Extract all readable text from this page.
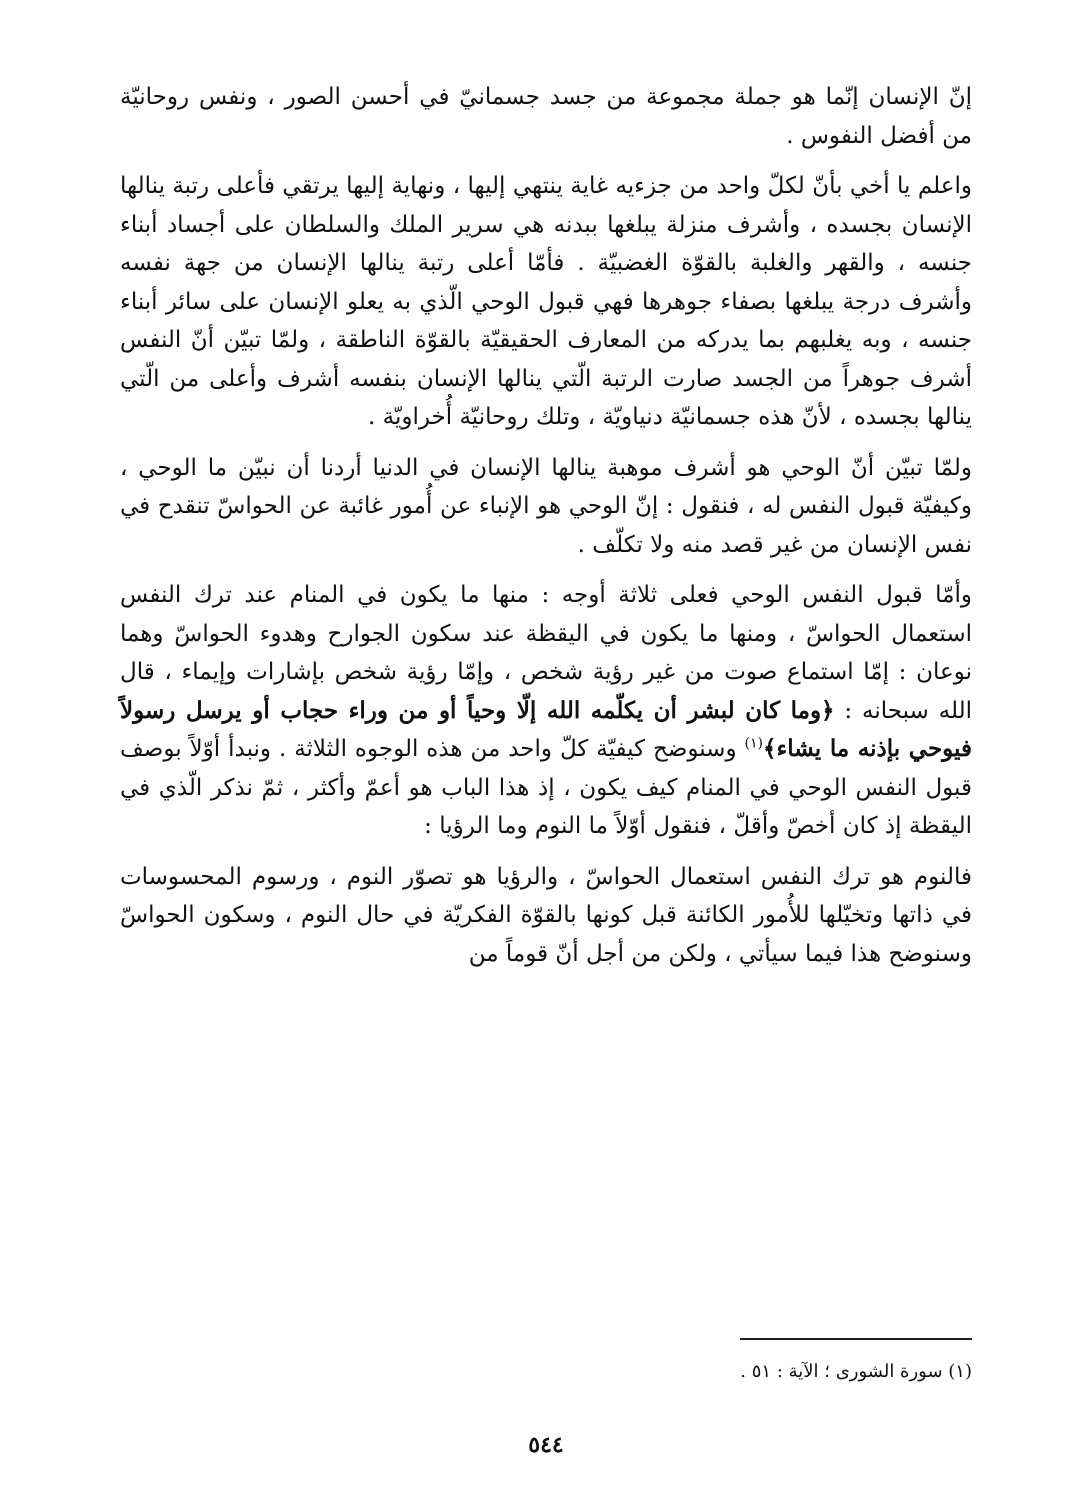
إنّ الإنسان إنّما هو جملة مجموعة من جسد جسمانيّ في أحسن الصور ، ونفس روحانيّة من أفضل النفوس .

واعلم يا أخي بأنّ لكلّ واحد من جزءيه غاية ينتهي إليها ، ونهاية إليها يرتقي فأعلى رتبة ينالها الإنسان بجسده ، وأشرف منزلة يبلغها ببدنه هي سرير الملك والسلطان على أجساد أبناء جنسه ، والقهر والغلبة بالقوّة الغضبيّة . فأمّا أعلى رتبة ينالها الإنسان من جهة نفسه وأشرف درجة يبلغها بصفاء جوهرها فهي قبول الوحي الّذي به يعلو الإنسان على سائر أبناء جنسه ، وبه يغلبهم بما يدركه من المعارف الحقيقيّة بالقوّة الناطقة ، ولمّا تبيّن أنّ النفس أشرف جوهراً من الجسد صارت الرتبة الّتي ينالها الإنسان بنفسه أشرف وأعلى من الّتي ينالها بجسده ، لأنّ هذه جسمانيّة دنياويّة ، وتلك روحانيّة أُخراويّة .

ولمّا تبيّن أنّ الوحي هو أشرف موهبة ينالها الإنسان في الدنيا أردنا أن نبيّن ما الوحي ، وكيفيّة قبول النفس له ، فنقول : إنّ الوحي هو الإنباء عن أُمور غائبة عن الحواسّ تنقدح في نفس الإنسان من غير قصد منه ولا تكلّف .

وأمّا قبول النفس الوحي فعلى ثلاثة أوجه : منها ما يكون في المنام عند ترك النفس استعمال الحواسّ ، ومنها ما يكون في اليقظة عند سكون الجوارح وهدوء الحواسّ وهما نوعان : إمّا استماع صوت من غير رؤية شخص ، وإمّا رؤية شخص بإشارات وإيماء ، قال الله سبحانه : ﴿وما كان لبشر أن يكلّمه الله إلّا وحياً أو من وراء حجاب أو يرسل رسولاً فيوحي بإذنه ما يشاء﴾$^{(١)}$ وسنوضح كيفيّة كلّ واحد من هذه الوجوه الثلاثة . ونبدأ أوّلاً بوصف قبول النفس الوحي في المنام كيف يكون ، إذ هذا الباب هو أعمّ وأكثر ، ثمّ نذكر الّذي في اليقظة إذ كان أخصّ وأقلّ ، فنقول أوّلاً ما النوم وما الرؤيا :

فالنوم هو ترك النفس استعمال الحواسّ ، والرؤيا هو تصوّر النوم ، ورسوم المحسوسات في ذاتها وتخيّلها للأُمور الكائنة قبل كونها بالقوّة الفكريّة في حال النوم ، وسكون الحواسّ وسنوضح هذا فيما سيأتي ، ولكن من أجل أنّ قوماً من

(١) سورة الشورى ؛ الآية : ٥١ .
٥٤٤
